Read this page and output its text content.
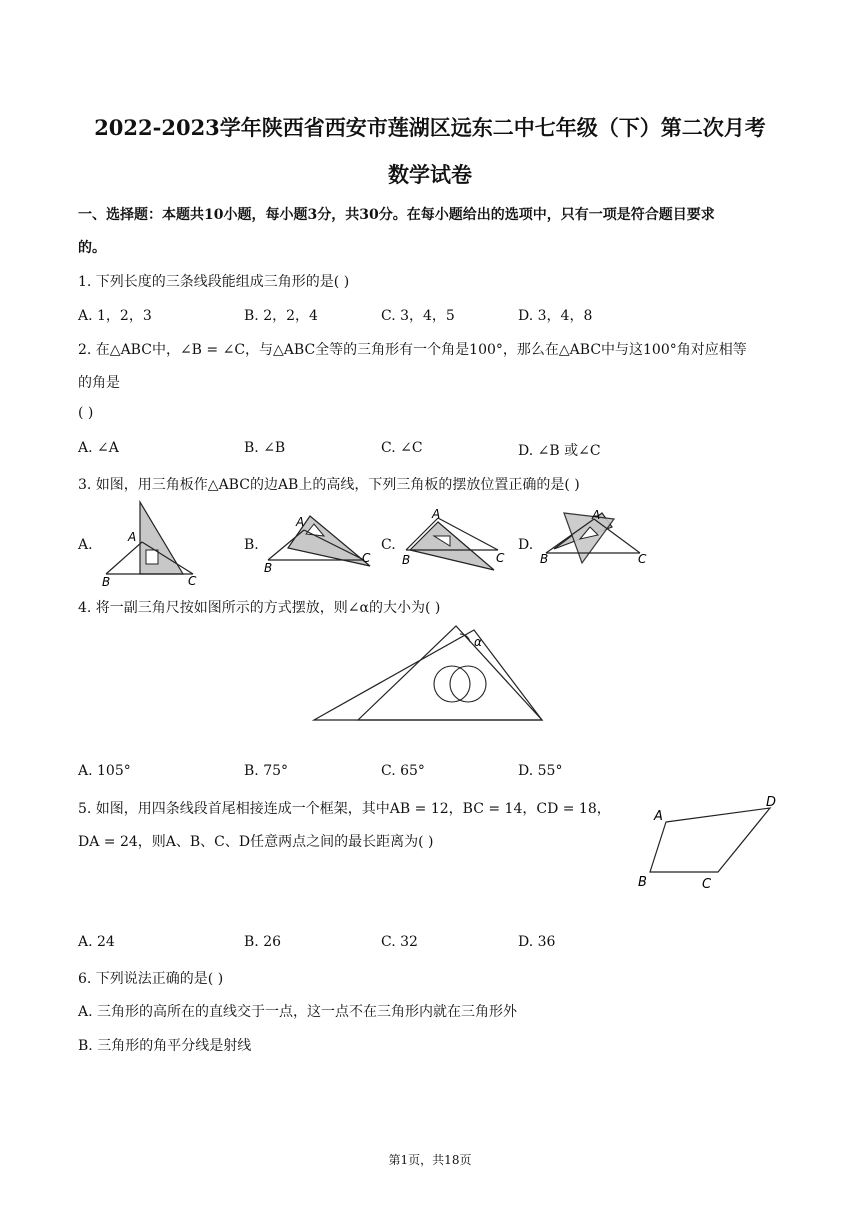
2022-2023学年陕西省西安市莲湖区远东二中七年级（下）第二次月考
数学试卷
一、选择题：本题共10小题，每小题3分，共30分。在每小题给出的选项中，只有一项是符合题目要求
的。
1. 下列长度的三条线段能组成三角形的是( )
A. 1，2，3	B. 2，2，4	C. 3，4，5	D. 3，4，8
2. 在△ABC中，∠B = ∠C，与△ABC全等的三角形有一个角是100°，那么在△ABC中与这100°角对应相等
的角是
( )
A. ∠A	B. ∠B	C. ∠C	D. ∠B 或∠C
3. 如图，用三角板作△ABC的边AB上的高线，下列三角板的摆放位置正确的是( )
A.	A
B	C
B.
A
B
C
C.
A
B	C
D.
A
B	C
4. 将一副三角尺按如图所示的方式摆放，则∠α的大小为( )
α
A. 105°	B. 75°	C. 65°	D. 55°
5. 如图，用四条线段首尾相接连成一个框架，其中AB = 12，BC = 14，CD = 18，
DA = 24，则A、B、C、D任意两点之间的最长距离为( )
A
B	C
D
A. 24	B. 26	C. 32	D. 36
6. 下列说法正确的是( )
A. 三角形的高所在的直线交于一点，这一点不在三角形内就在三角形外
B. 三角形的角平分线是射线
第1页，共18页
